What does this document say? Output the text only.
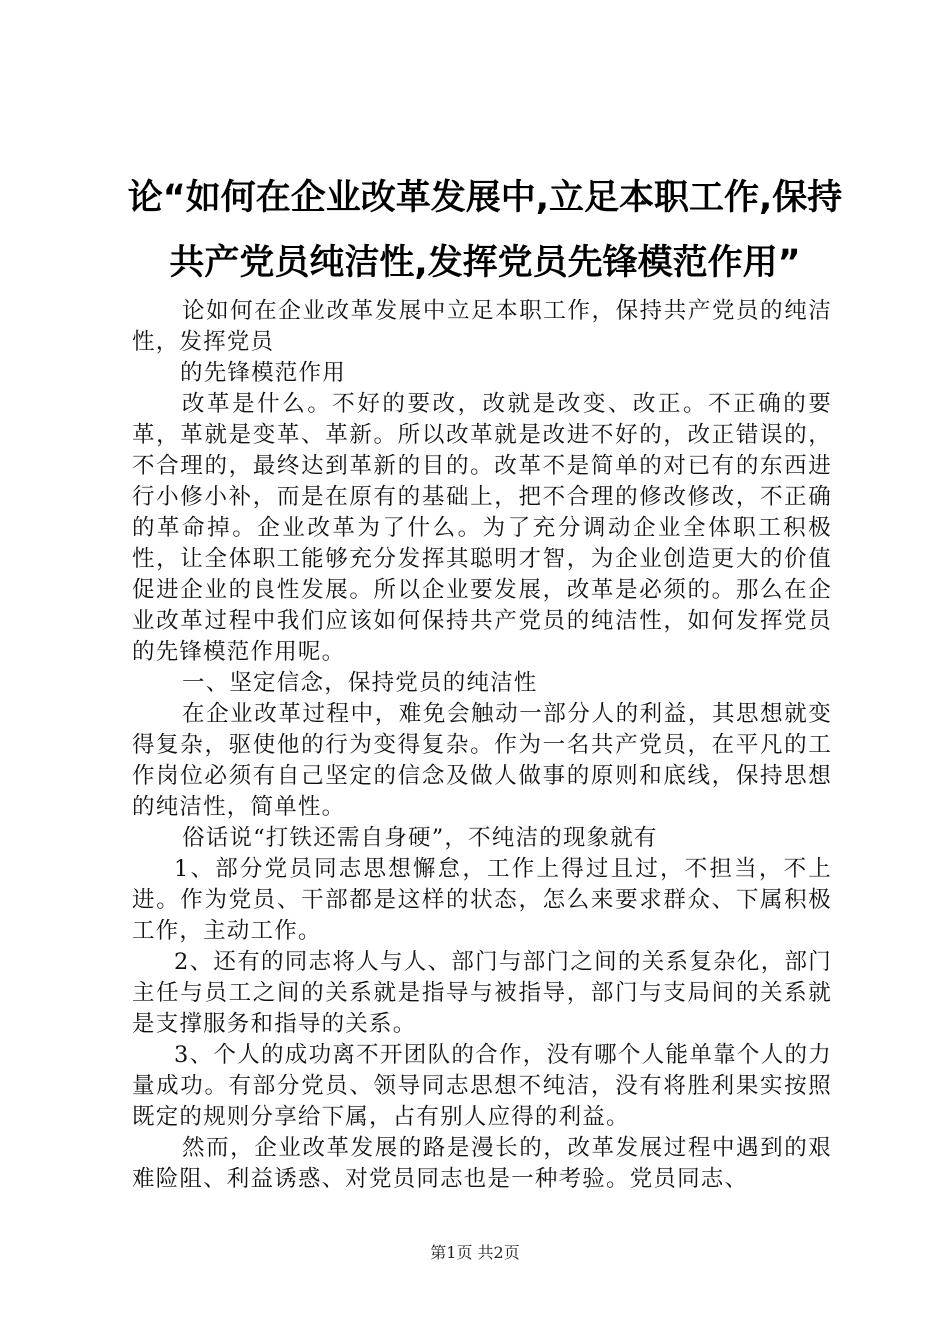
论“如何在企业改革发展中,立足本职工作,保持共产党员纯洁性,发挥党员先锋模范作用”

论如何在企业改革发展中立足本职工作，保持共产党员的纯洁性，发挥党员

的先锋模范作用

改革是什么。不好的要改，改就是改变、改正。不正确的要革，革就是变革、革新。所以改革就是改进不好的，改正错误的，不合理的，最终达到革新的目的。改革不是简单的对已有的东西进行小修小补，而是在原有的基础上，把不合理的修改修改，不正确的革命掉。企业改革为了什么。为了充分调动企业全体职工积极性，让全体职工能够充分发挥其聪明才智，为企业创造更大的价值促进企业的良性发展。所以企业要发展，改革是必须的。那么在企业改革过程中我们应该如何保持共产党员的纯洁性，如何发挥党员的先锋模范作用呢。

一、坚定信念，保持党员的纯洁性

在企业改革过程中，难免会触动一部分人的利益，其思想就变得复杂，驱使他的行为变得复杂。作为一名共产党员，在平凡的工作岗位必须有自己坚定的信念及做人做事的原则和底线，保持思想的纯洁性，简单性。

俗话说“打铁还需自身硬”，不纯洁的现象就有

1、部分党员同志思想懈怠，工作上得过且过，不担当，不上进。作为党员、干部都是这样的状态，怎么来要求群众、下属积极工作，主动工作。

2、还有的同志将人与人、部门与部门之间的关系复杂化，部门主任与员工之间的关系就是指导与被指导，部门与支局间的关系就是支撑服务和指导的关系。

3、个人的成功离不开团队的合作，没有哪个人能单靠个人的力量成功。有部分党员、领导同志思想不纯洁，没有将胜利果实按照既定的规则分享给下属，占有别人应得的利益。

然而，企业改革发展的路是漫长的，改革发展过程中遇到的艰难险阻、利益诱惑、对党员同志也是一种考验。党员同志、

第1页 共2页
